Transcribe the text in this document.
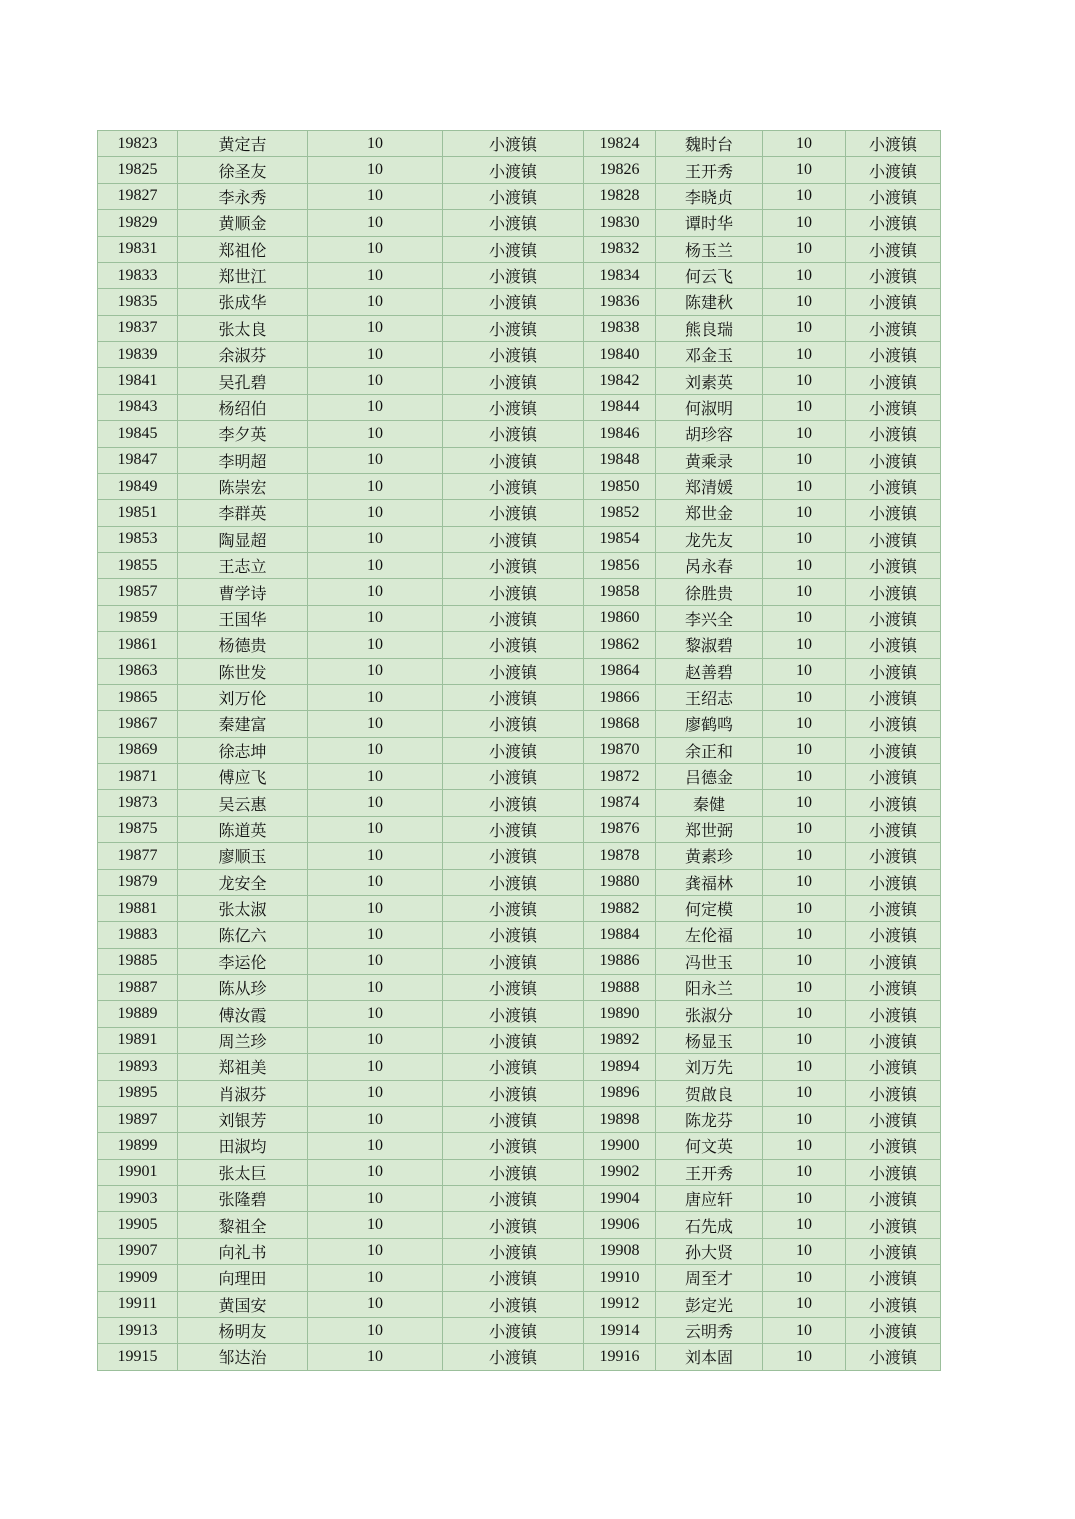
19823	黄定吉	10	小渡镇	19824	魏时台	10	小渡镇
19825	徐圣友	10	小渡镇	19826	王开秀	10	小渡镇
19827	李永秀	10	小渡镇	19828	李晓贞	10	小渡镇
19829	黄顺金	10	小渡镇	19830	谭时华	10	小渡镇
19831	郑祖伦	10	小渡镇	19832	杨玉兰	10	小渡镇
19833	郑世江	10	小渡镇	19834	何云飞	10	小渡镇
19835	张成华	10	小渡镇	19836	陈建秋	10	小渡镇
19837	张太良	10	小渡镇	19838	熊良瑞	10	小渡镇
19839	余淑芬	10	小渡镇	19840	邓金玉	10	小渡镇
19841	吴孔碧	10	小渡镇	19842	刘素英	10	小渡镇
19843	杨绍伯	10	小渡镇	19844	何淑明	10	小渡镇
19845	李夕英	10	小渡镇	19846	胡珍容	10	小渡镇
19847	李明超	10	小渡镇	19848	黄乘录	10	小渡镇
19849	陈崇宏	10	小渡镇	19850	郑清媛	10	小渡镇
19851	李群英	10	小渡镇	19852	郑世金	10	小渡镇
19853	陶显超	10	小渡镇	19854	龙先友	10	小渡镇
19855	王志立	10	小渡镇	19856	呙永春	10	小渡镇
19857	曹学诗	10	小渡镇	19858	徐胜贵	10	小渡镇
19859	王国华	10	小渡镇	19860	李兴全	10	小渡镇
19861	杨德贵	10	小渡镇	19862	黎淑碧	10	小渡镇
19863	陈世发	10	小渡镇	19864	赵善碧	10	小渡镇
19865	刘万伦	10	小渡镇	19866	王绍志	10	小渡镇
19867	秦建富	10	小渡镇	19868	廖鹤鸣	10	小渡镇
19869	徐志坤	10	小渡镇	19870	余正和	10	小渡镇
19871	傅应飞	10	小渡镇	19872	吕德金	10	小渡镇
19873	吴云惠	10	小渡镇	19874	秦健	10	小渡镇
19875	陈道英	10	小渡镇	19876	郑世弼	10	小渡镇
19877	廖顺玉	10	小渡镇	19878	黄素珍	10	小渡镇
19879	龙安全	10	小渡镇	19880	龚福林	10	小渡镇
19881	张太淑	10	小渡镇	19882	何定模	10	小渡镇
19883	陈亿六	10	小渡镇	19884	左伦福	10	小渡镇
19885	李运伦	10	小渡镇	19886	冯世玉	10	小渡镇
19887	陈从珍	10	小渡镇	19888	阳永兰	10	小渡镇
19889	傅汝霞	10	小渡镇	19890	张淑分	10	小渡镇
19891	周兰珍	10	小渡镇	19892	杨显玉	10	小渡镇
19893	郑祖美	10	小渡镇	19894	刘万先	10	小渡镇
19895	肖淑芬	10	小渡镇	19896	贺啟良	10	小渡镇
19897	刘银芳	10	小渡镇	19898	陈龙芬	10	小渡镇
19899	田淑均	10	小渡镇	19900	何文英	10	小渡镇
19901	张太巨	10	小渡镇	19902	王开秀	10	小渡镇
19903	张隆碧	10	小渡镇	19904	唐应轩	10	小渡镇
19905	黎祖全	10	小渡镇	19906	石先成	10	小渡镇
19907	向礼书	10	小渡镇	19908	孙大贤	10	小渡镇
19909	向理田	10	小渡镇	19910	周至才	10	小渡镇
19911	黄国安	10	小渡镇	19912	彭定光	10	小渡镇
19913	杨明友	10	小渡镇	19914	云明秀	10	小渡镇
19915	邹达治	10	小渡镇	19916	刘本固	10	小渡镇
